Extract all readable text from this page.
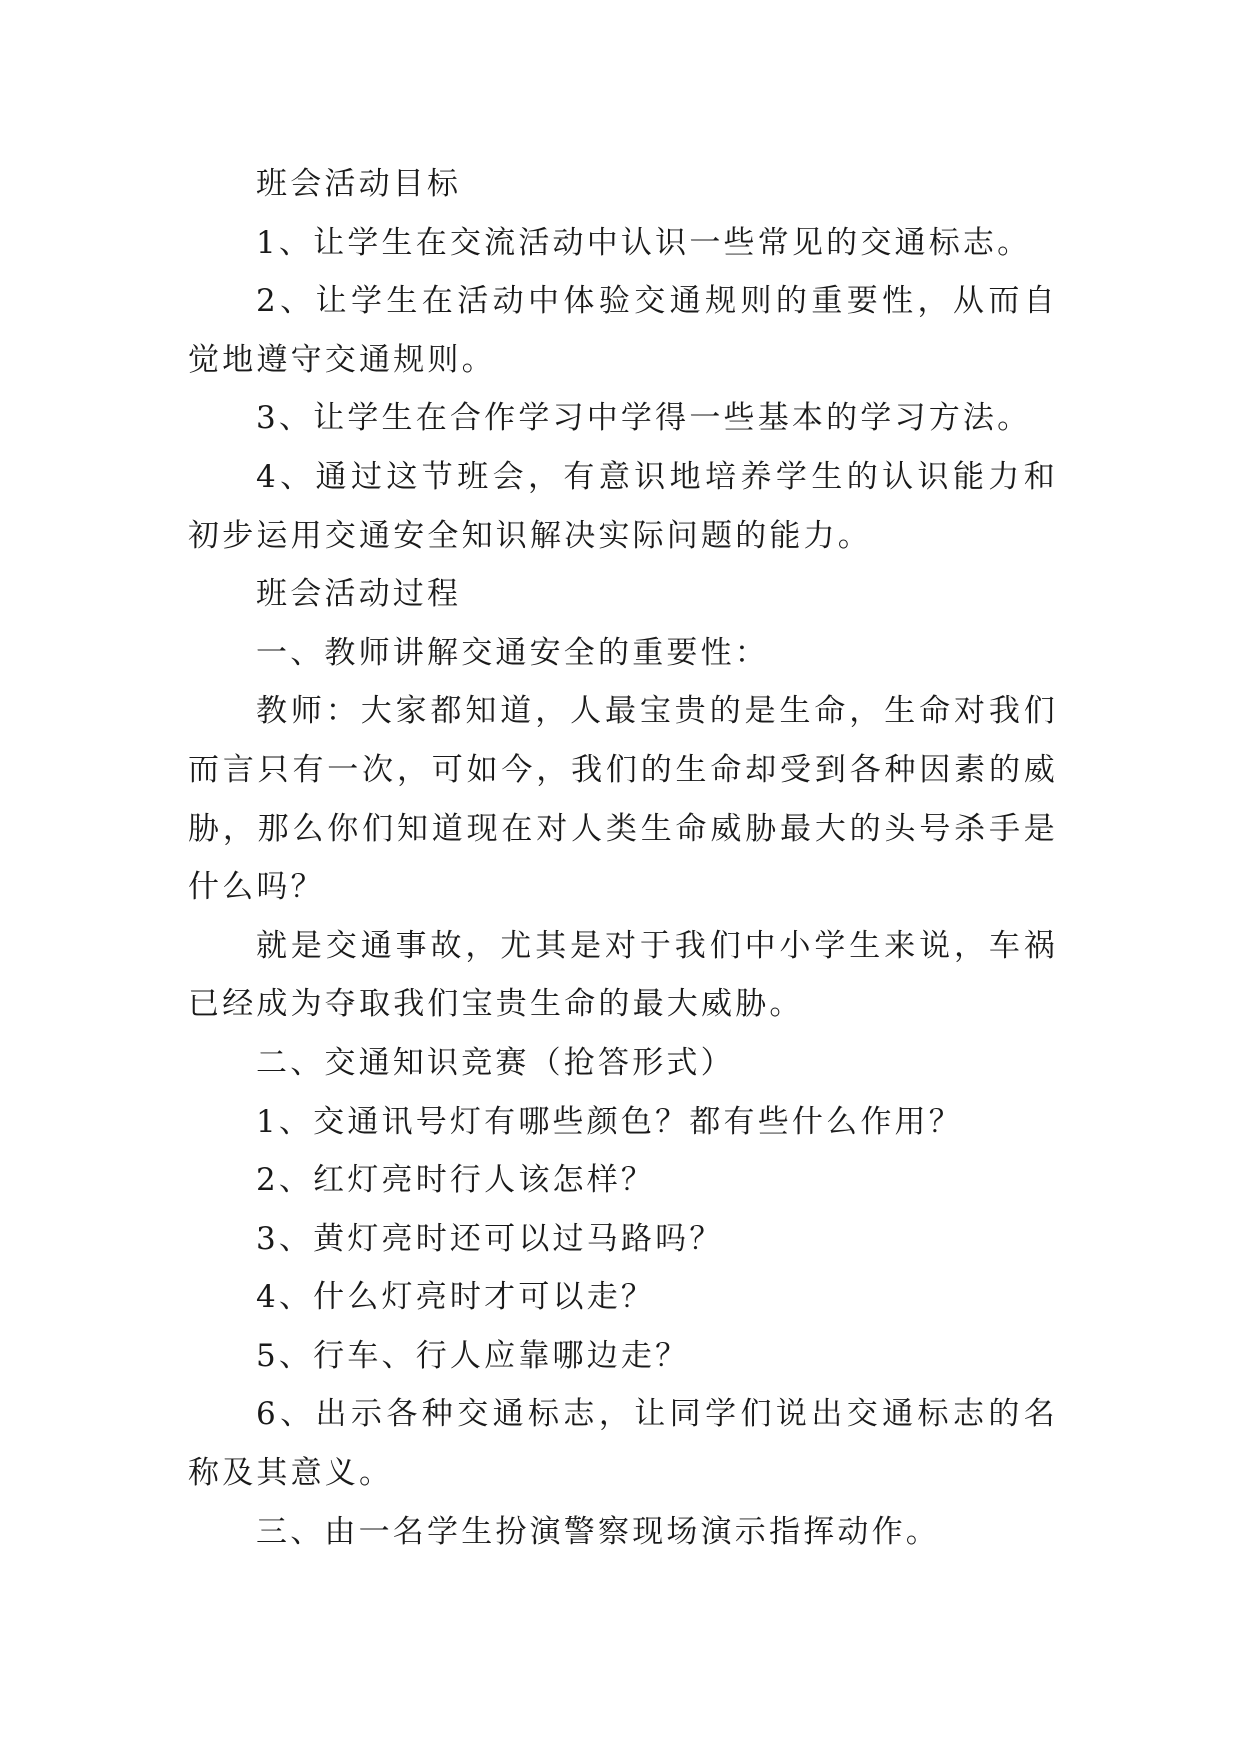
班会活动目标

1、让学生在交流活动中认识一些常见的交通标志。

2、让学生在活动中体验交通规则的重要性，从而自觉地遵守交通规则。

3、让学生在合作学习中学得一些基本的学习方法。

4、通过这节班会，有意识地培养学生的认识能力和初步运用交通安全知识解决实际问题的能力。

班会活动过程

一、教师讲解交通安全的重要性：

教师：大家都知道，人最宝贵的是生命，生命对我们而言只有一次，可如今，我们的生命却受到各种因素的威胁，那么你们知道现在对人类生命威胁最大的头号杀手是什么吗？

就是交通事故，尤其是对于我们中小学生来说，车祸已经成为夺取我们宝贵生命的最大威胁。

二、交通知识竞赛（抢答形式）

1、交通讯号灯有哪些颜色？都有些什么作用？

2、红灯亮时行人该怎样？

3、黄灯亮时还可以过马路吗？

4、什么灯亮时才可以走？

5、行车、行人应靠哪边走？

6、出示各种交通标志，让同学们说出交通标志的名称及其意义。

三、由一名学生扮演警察现场演示指挥动作。
